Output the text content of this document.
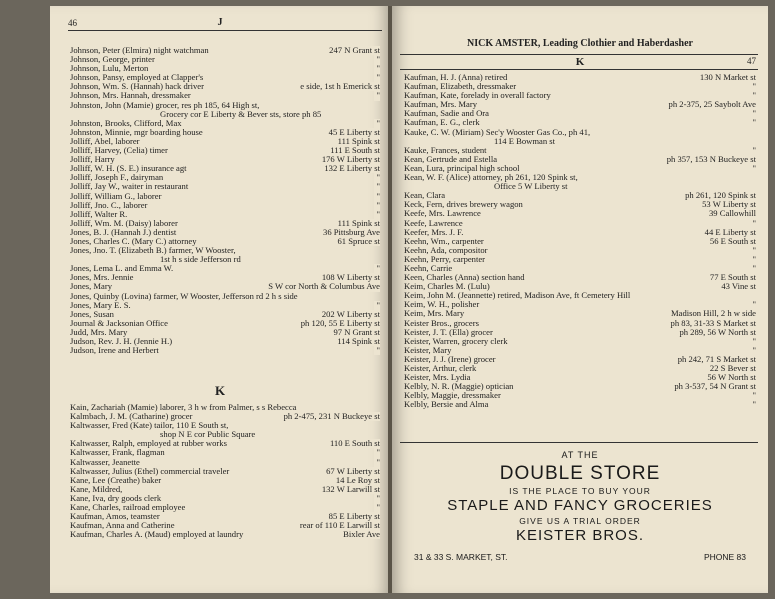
46	J
Johnson, Peter (Elmira) night watchman	247 N Grant st
Johnson, George, printer	"
Johnson, Lulu, Merton	"
Johnson, Pansy, employed at Clapper's	"
Johnson, Wm. S. (Hannah) hack driver	e side, 1st h Emerick st
Johnson, Mrs. Hannah, dressmaker	"
Johnston, John (Mamie) grocer, res ph 185, 64 High st,
Grocery cor E Liberty & Bever sts, store ph 85
Johnston, Brooks, Clifford, Max	"
Johnston, Minnie, mgr boarding house	45 E Liberty st
Jolliff, Abel, laborer	111 Spink st
Jolliff, Harvey, (Celia) timer	111 E South st
Jolliff, Harry	176 W Liberty st
Jolliff, W. H. (S. E.) insurance agt	132 E Liberty st
Jolliff, Joseph F., dairyman	"
Jolliff, Jay W., waiter in restaurant	"
Jolliff, William G., laborer	"
Jolliff, Jno. C., laborer	"
Jolliff, Walter R.	"
Jolliff, Wm. M. (Daisy) laborer	111 Spink st
Jones, B. J. (Hannah J.) dentist	36 Pittsburg Ave
Jones, Charles C. (Mary C.) attorney	61 Spruce st
Jones, Jno. T. (Elizabeth B.) farmer, W Wooster,
1st h s side Jefferson rd
Jones, Lema L. and Emma W.	"
Jones, Mrs. Jennie	108 W Liberty st
Jones, Mary	S W cor North & Columbus Ave
Jones, Quinby (Lovina) farmer, W Wooster, Jefferson rd 2 h s side
Jones, Mary E. S.	"
Jones, Susan	202 W Liberty st
Journal & Jacksonian Office	ph 120, 55 E Liberty st
Judd, Mrs. Mary	97 N Grant st
Judson, Rev. J. H. (Jennie H.)	114 Spink st
Judson, Irene and Herbert	"
K
Kain, Zachariah (Mamie) laborer, 3 h w from Palmer, s s Rebecca
Kalmbach, J. M. (Catharine) grocer	ph 2-475, 231 N Buckeye st
Kaltwasser, Fred (Kate) tailor, 110 E South st,
shop N E cor Public Square
Kaltwasser, Ralph, employed at rubber works	110 E South st
Kaltwasser, Frank, flagman	"
Kaltwasser, Jeanette	"
Kaltwasser, Julius (Ethel) commercial traveler	67 W Liberty st
Kane, Lee (Creathe) baker	14 Le Roy st
Kane, Mildred,	132 W Larwill st
Kane, Iva, dry goods clerk	"
Kane, Charles, railroad employee	"
Kaufman, Amos, teamster	85 E Liberty st
Kaufman, Anna and Catherine	rear of 110 E Larwill st
Kaufman, Charles A. (Maud) employed at laundry	Bixler Ave
NICK AMSTER, Leading Clothier and Haberdasher
K	47
Kaufman, H. J. (Anna) retired	130 N Market st
Kaufman, Elizabeth, dressmaker	"
Kaufman, Kate, forelady in overall factory	"
Kaufman, Mrs. Mary	ph 2-375, 25 Saybolt Ave
Kaufman, Sadie and Ora	"
Kaufman, E. G., clerk	"
Kauke, C. W. (Miriam) Sec'y Wooster Gas Co., ph 41,
114 E Bowman st
Kauke, Frances, student	"
Kean, Gertrude and Estella	ph 357, 153 N Buckeye st
Kean, Lura, principal high school	"
Kean, W. F. (Alice) attorney, ph 261, 120 Spink st,
Office 5 W Liberty st
Kean, Clara	ph 261, 120 Spink st
Keck, Fern, drives brewery wagon	53 W Liberty st
Keefe, Mrs. Lawrence	39 Callowhill
Keefe, Lawrence	"
Keefer, Mrs. J. F.	44 E Liberty st
Keehn, Wm., carpenter	56 E South st
Keehn, Ada, compositor	"
Keehn, Perry, carpenter	"
Keehn, Carrie	"
Keen, Charles (Anna) section hand	77 E South st
Keim, Charles M. (Lulu)	43 Vine st
Keim, John M. (Jeannette) retired, Madison Ave, ft Cemetery Hill
Keim, W. H., polisher	"
Keim, Mrs. Mary	Madison Hill, 2 h w side
Keister Bros., grocers	ph 83, 31-33 S Market st
Keister, J. T. (Ella) grocer	ph 289, 56 W North st
Keister, Warren, grocery clerk	"
Keister, Mary	"
Keister, J. J. (Irene) grocer	ph 242, 71 S Market st
Keister, Arthur, clerk	22 S Bever st
Keister, Mrs. Lydia	56 W North st
Kelbly, N. R. (Maggie) optician	ph 3-537, 54 N Grant st
Kelbly, Maggie, dressmaker	"
Kelbly, Bersie and Alma	"
AT THE
DOUBLE STORE
IS THE PLACE TO BUY YOUR
STAPLE AND FANCY GROCERIES
GIVE US A TRIAL ORDER
KEISTER BROS.
31 & 33 S. MARKET, ST.	PHONE 83
